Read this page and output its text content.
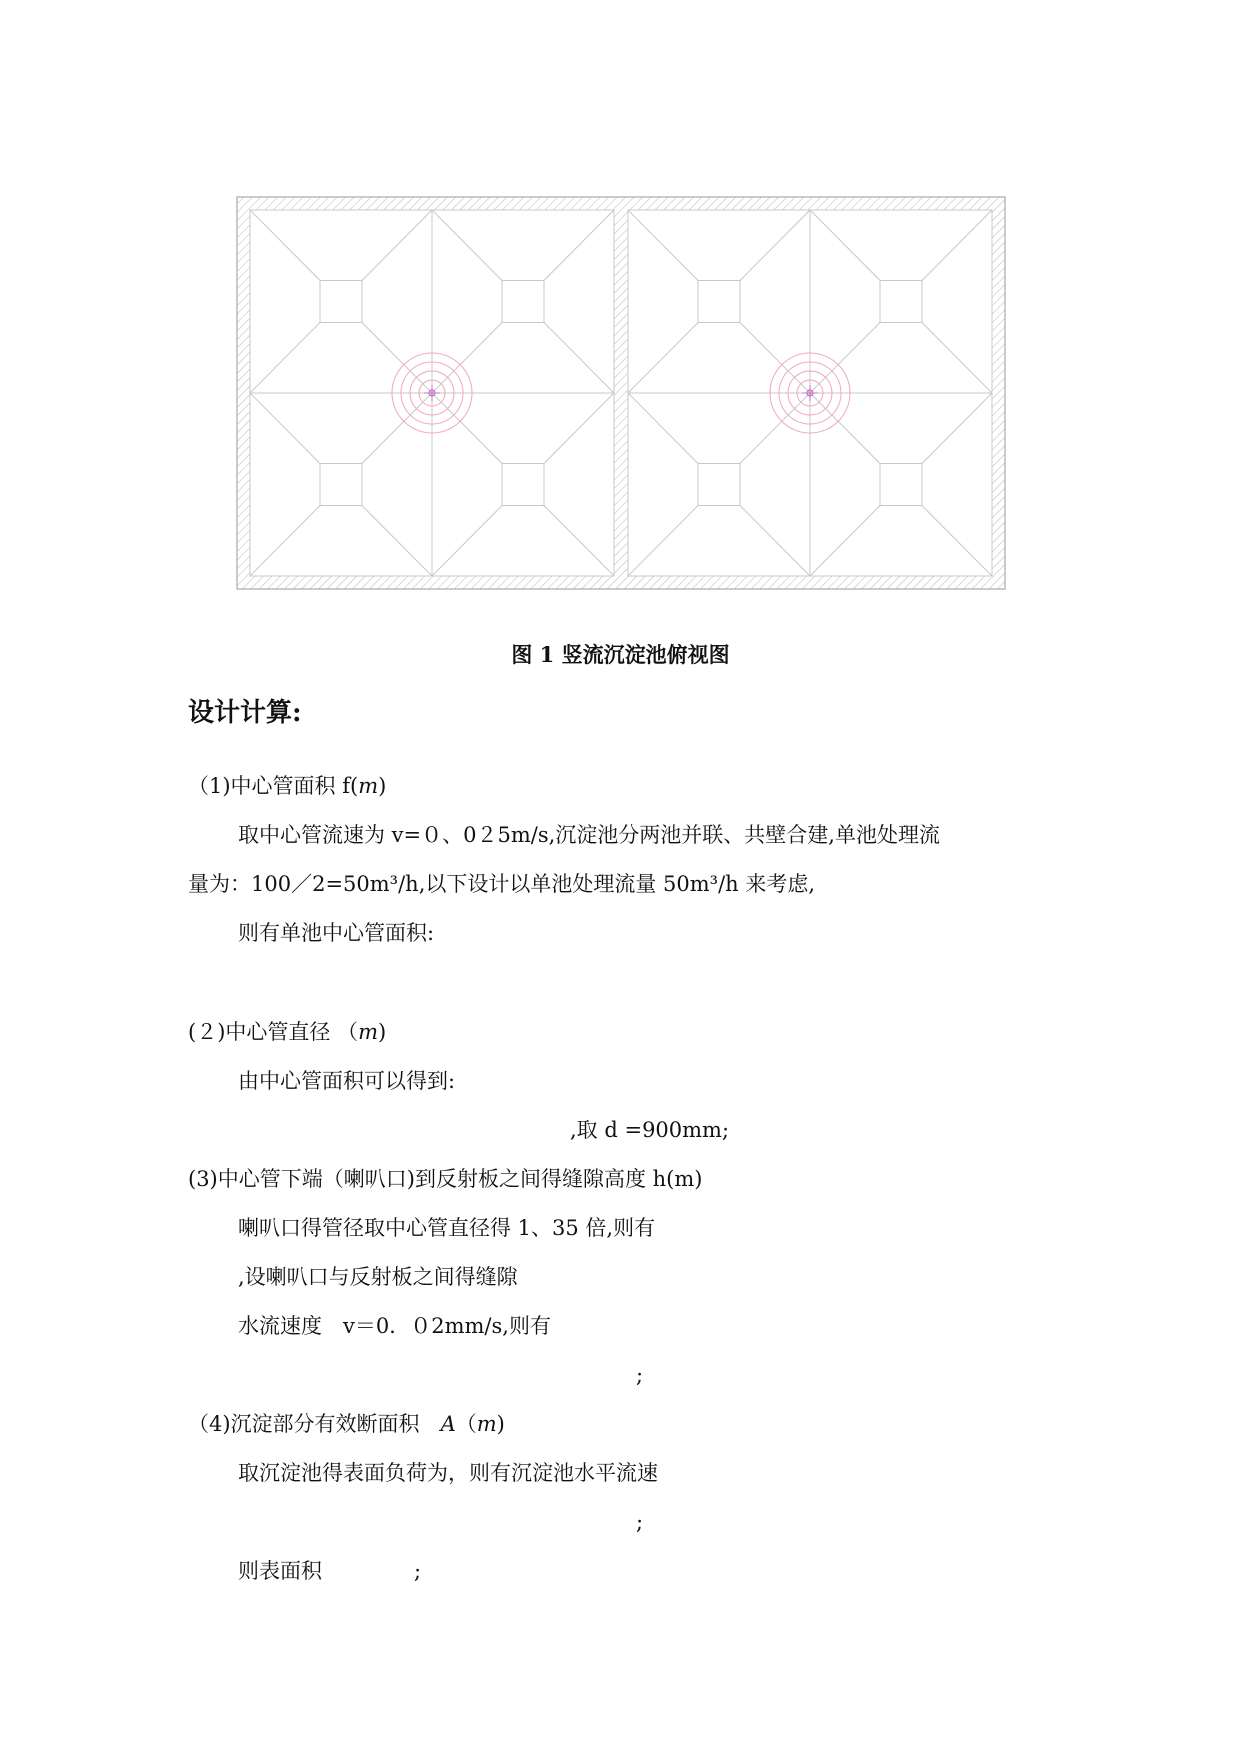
图 1 竖流沉淀池俯视图
设计计算:
（1)中心管面积 f(m)
取中心管流速为 v=０、0２5m/s,沉淀池分两池并联、共壁合建,单池处理流
量为：100／2=50m³/h,以下设计以单池处理流量 50m³/h 来考虑,
则有单池中心管面积:
(２)中心管直径 （m)
由中心管面积可以得到:
,取 d =900mm;
(3)中心管下端（喇叭口)到反射板之间得缝隙高度 h(m)
喇叭口得管径取中心管直径得 1、35 倍,则有
,设喇叭口与反射板之间得缝隙
水流速度　v＝0．０2mm/s,则有
;
（4)沉淀部分有效断面积　A（m)
取沉淀池得表面负荷为，则有沉淀池水平流速
;
则表面积	;
